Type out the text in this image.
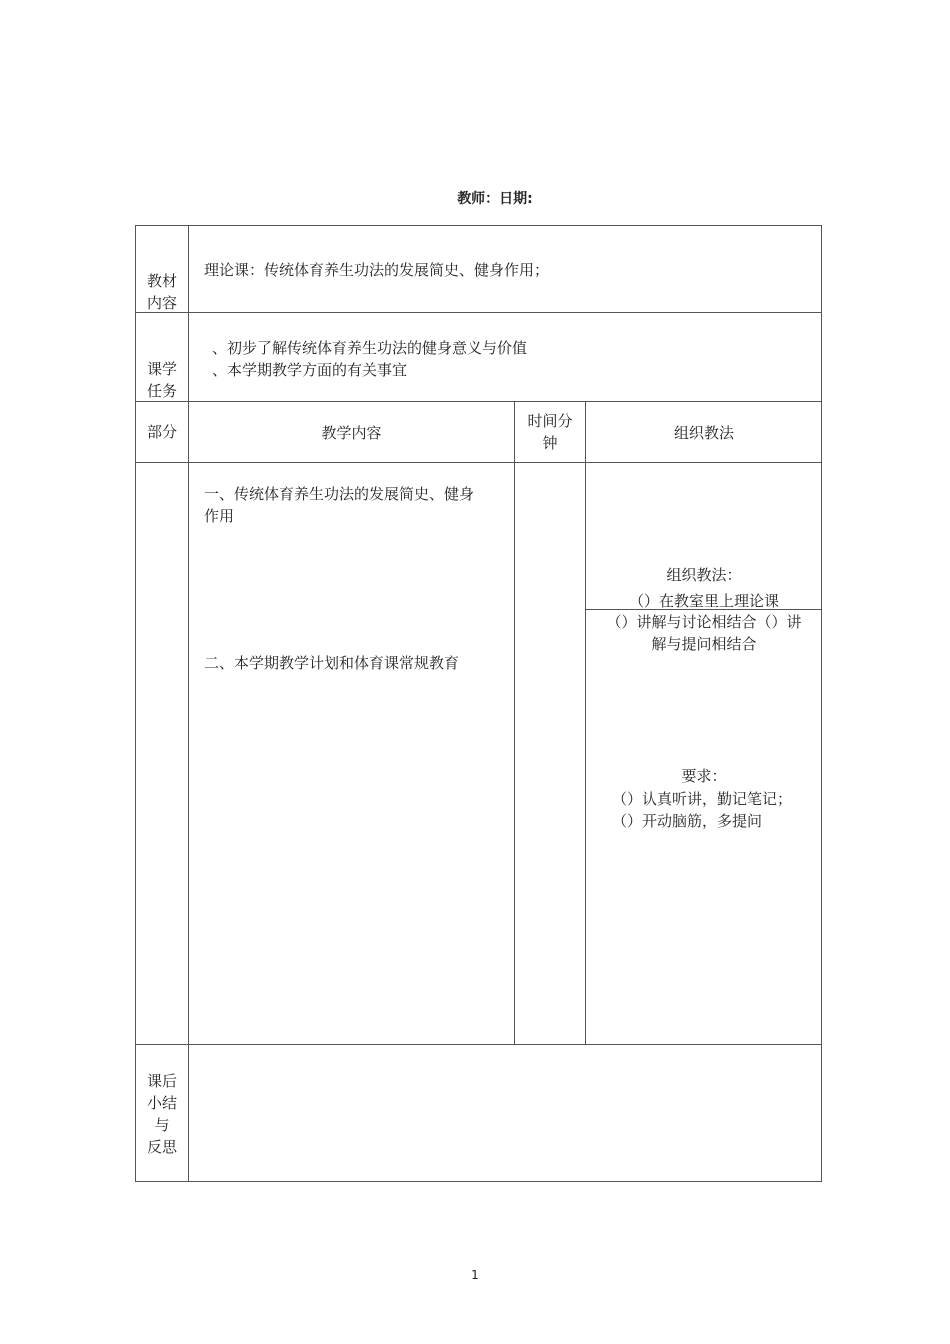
教师：日期:
教材
内容
理论课：传统体育养生功法的发展简史、健身作用；
课学
任务
、初步了解传统体育养生功法的健身意义与价值
、本学期教学方面的有关事宜
部分	教学内容
时间分
钟
组织教法
一、传统体育养生功法的发展简史、健身
作用
二、本学期教学计划和体育课常规教育
组织教法：
（）在教室里上理论课
（）讲解与讨论相结合（）讲
解与提问相结合
要求：
（）认真听讲，勤记笔记；
（）开动脑筋，多提问
课后
小结
与
反思
1
